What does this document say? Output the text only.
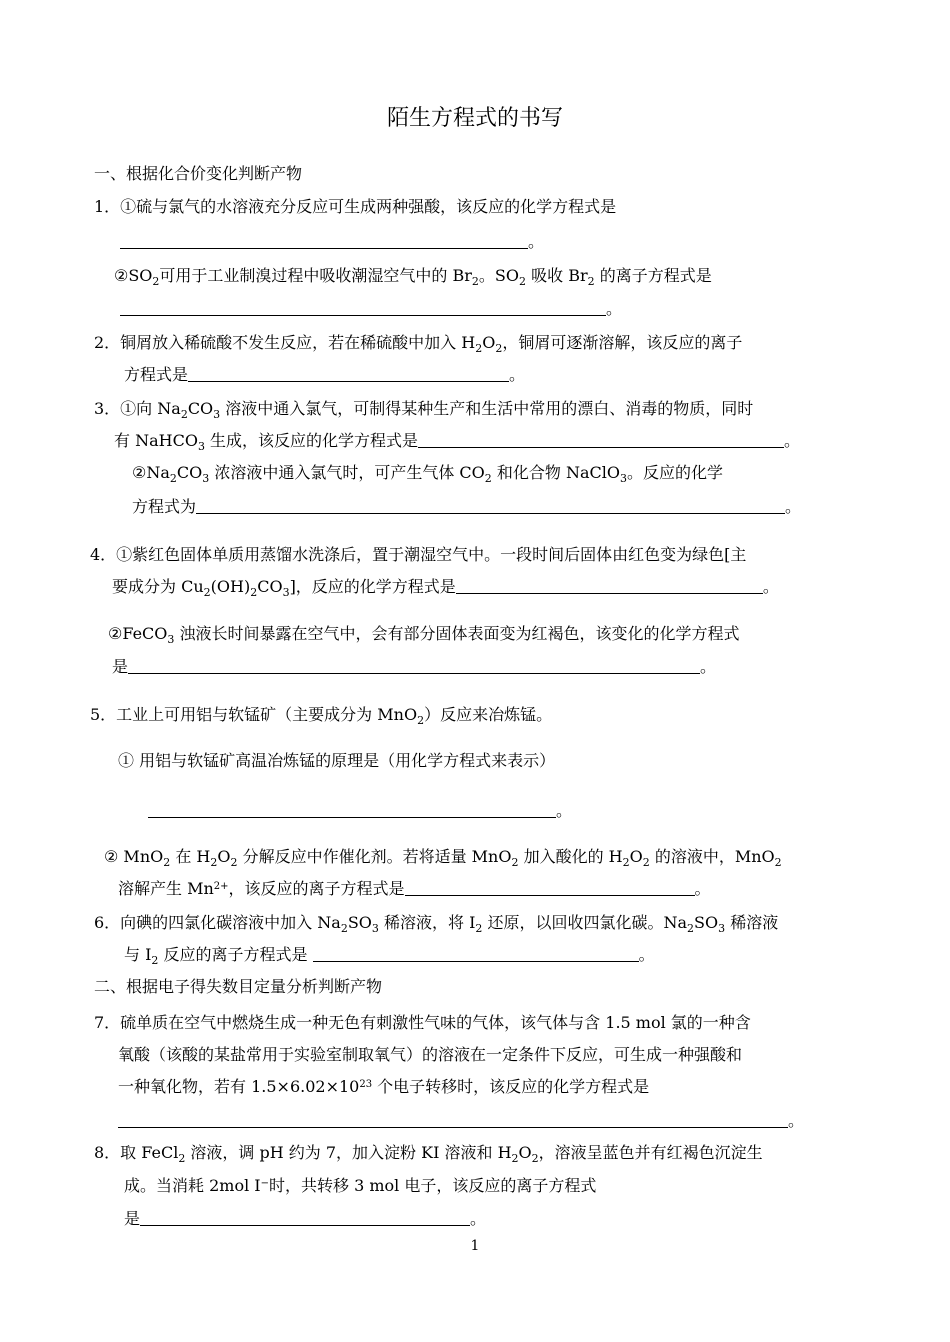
陌生方程式的书写
一、根据化合价变化判断产物
1．①硫与氯气的水溶液充分反应可生成两种强酸，该反应的化学方程式是
。
$②SO_2$可用于工业制溴过程中吸收潮湿空气中的 $Br_2$。$SO_2$ 吸收 $Br_2$ 的离子方程式是
。
2．铜屑放入稀硫酸不发生反应，若在稀硫酸中加入 $H_2O_2$，铜屑可逐渐溶解，该反应的离子
方程式是	。
3．①向 $Na_2CO_3$ 溶液中通入氯气，可制得某种生产和生活中常用的漂白、消毒的物质，同时
有 NaHCO$_3$ 生成，该反应的化学方程式是	。
$②Na_2CO_3$ 浓溶液中通入氯气时，可产生气体 $CO_2$ 和化合物 NaClO$_3$。反应的化学
方程式为	。
4．①紫红色固体单质用蒸馏水洗涤后，置于潮湿空气中。一段时间后固体由红色变为绿色[主
要成分为 $Cu_2(OH)_2CO_3$]，反应的化学方程式是	。
②FeCO$_3$ 浊液长时间暴露在空气中，会有部分固体表面变为红褐色，该变化的化学方程式
是	。
5．工业上可用铝与软锰矿（主要成分为 MnO$_2$）反应来冶炼锰。
① 用铝与软锰矿高温冶炼锰的原理是（用化学方程式来表示）
。
② MnO$_2$ 在 $H_2O_2$ 分解反应中作催化剂。若将适量 MnO$_2$ 加入酸化的 $H_2O_2$ 的溶液中，MnO$_2$
溶解产生 $Mn^{2+}$，该反应的离子方程式是	。
6．向碘的四氯化碳溶液中加入 $Na_2SO_3$ 稀溶液，将 $I_2$ 还原，以回收四氯化碳。$Na_2SO_3$ 稀溶液
与 $I_2$ 反应的离子方程式是	。
二、根据电子得失数目定量分析判断产物
7．硫单质在空气中燃烧生成一种无色有刺激性气味的气体，该气体与含 1.5 mol 氯的一种含
氧酸（该酸的某盐常用于实验室制取氧气）的溶液在一定条件下反应，可生成一种强酸和
一种氧化物，若有 $1.5\times 6.02\times 10^{23}$ 个电子转移时，该反应的化学方程式是
。
8．取 FeCl$_2$ 溶液，调 pH 约为 7，加入淀粉 KI 溶液和 $H_2O_2$，溶液呈蓝色并有红褐色沉淀生
成。当消耗 2mol I−时，共转移 3 mol 电子，该反应的离子方程式
是	。
1
